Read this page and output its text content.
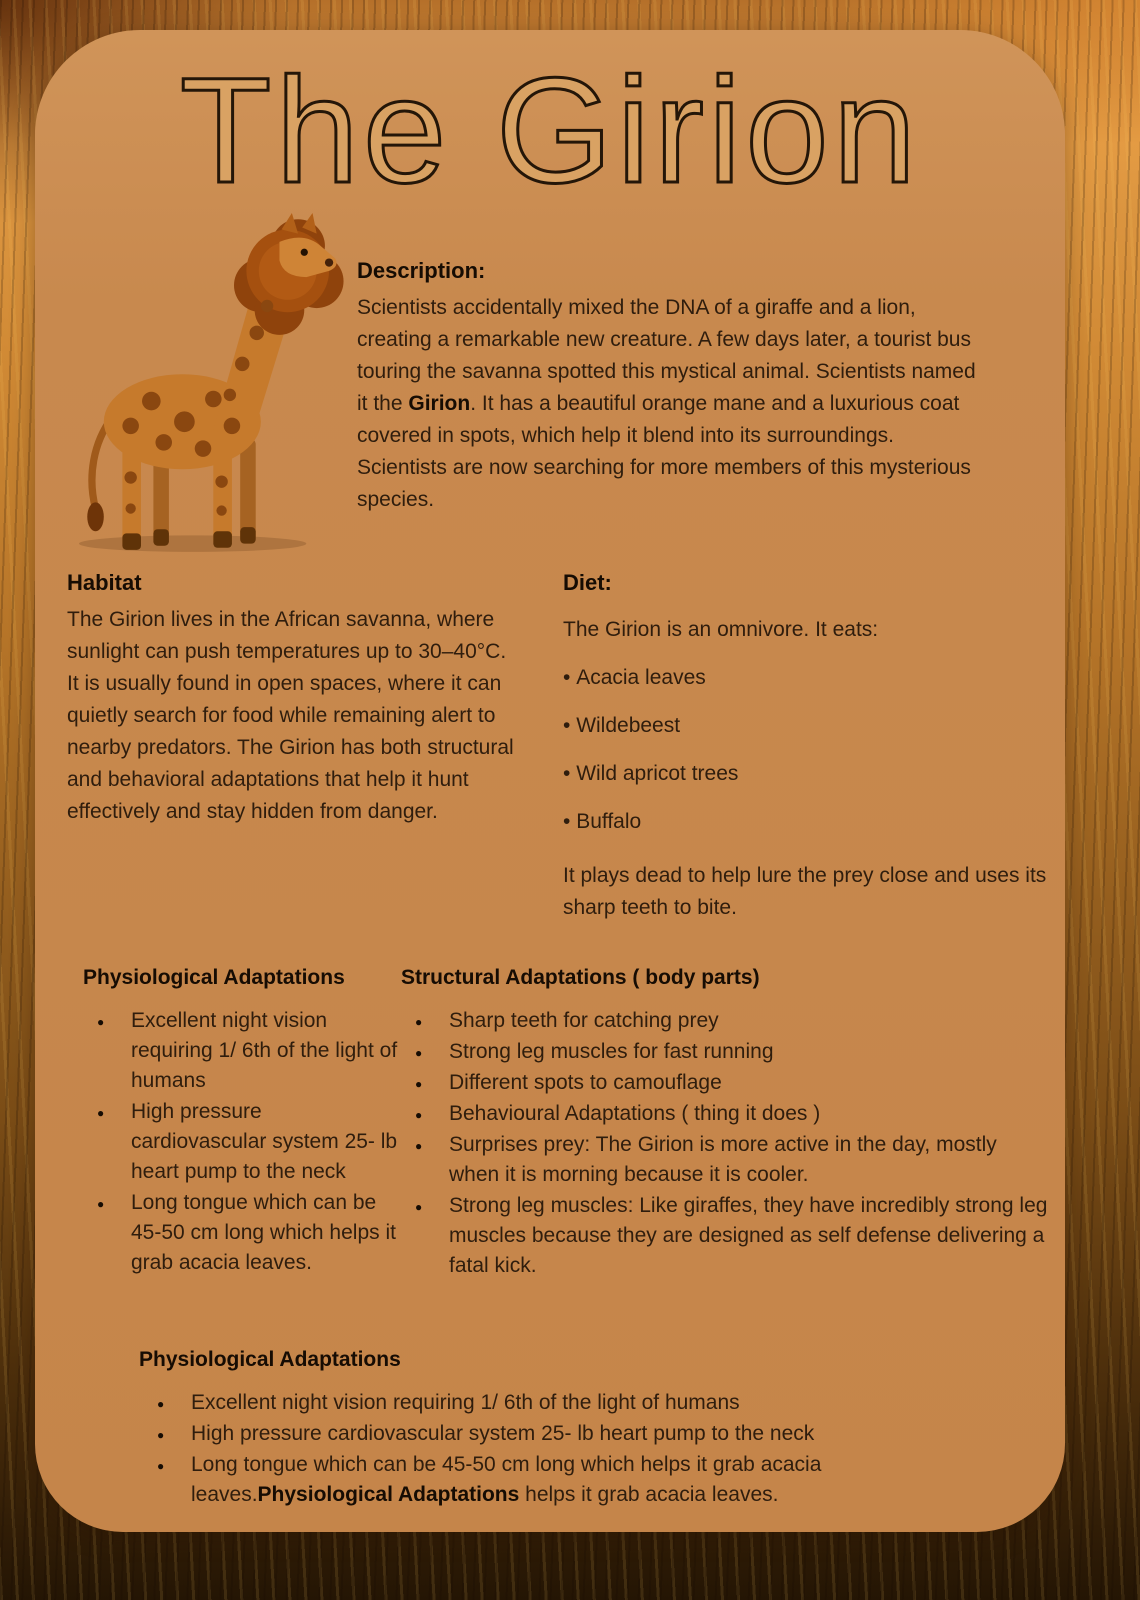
The Girion
Description:

Scientists accidentally mixed the DNA of a giraffe and a lion, creating a remarkable new creature. A few days later, a tourist bus touring the savanna spotted this mystical animal. Scientists named it the Girion. It has a beautiful orange mane and a luxurious coat covered in spots, which help it blend into its surroundings. Scientists are now searching for more members of this mysterious species.

Habitat

The Girion lives in the African savanna, where sunlight can push temperatures up to 30–40°C. It is usually found in open spaces, where it can quietly search for food while remaining alert to nearby predators. The Girion has both structural and behavioral adaptations that help it hunt effectively and stay hidden from danger.

Diet:

The Girion is an omnivore. It eats:

• Acacia leaves
• Wildebeest
• Wild apricot trees
• Buffalo

It plays dead to help lure the prey close and uses its sharp teeth to bite.

Physiological Adaptations
● Excellent night vision requiring 1/ 6th of the light of humans
● High pressure cardiovascular system 25- lb heart pump to the neck
● Long tongue which can be 45-50 cm long which helps it grab acacia leaves.
Structural Adaptations ( body parts)
● Sharp teeth for catching prey
● Strong leg muscles for fast running
● Different spots to camouflage
● Behavioural Adaptations ( thing it does )
● Surprises prey: The Girion is more active in the day, mostly when it is morning because it is cooler.
● Strong leg muscles: Like giraffes, they have incredibly strong leg muscles because they are designed as self defense delivering a fatal kick.
Physiological Adaptations
● Excellent night vision requiring 1/ 6th of the light of humans
● High pressure cardiovascular system 25- lb heart pump to the neck
● Long tongue which can be 45-50 cm long which helps it grab acacia leaves.Physiological Adaptations helps it grab acacia leaves.
